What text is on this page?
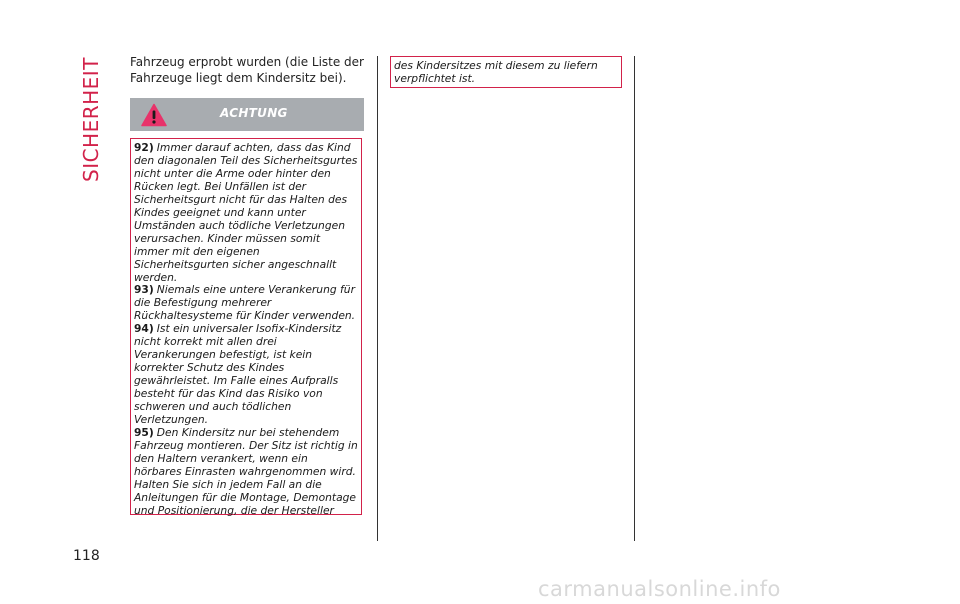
SICHERHEIT
118

Fahrzeug erprobt wurden (die Liste der Fahrzeuge liegt dem Kindersitz bei).

ACHTUNG

92) Immer darauf achten, dass das Kind den diagonalen Teil des Sicherheitsgurtes nicht unter die Arme oder hinter den Rücken legt. Bei Unfällen ist der Sicherheitsgurt nicht für das Halten des Kindes geeignet und kann unter Umständen auch tödliche Verletzungen verursachen. Kinder müssen somit immer mit den eigenen Sicherheitsgurten sicher angeschnallt werden.

93) Niemals eine untere Verankerung für die Befestigung mehrerer Rückhaltesysteme für Kinder verwenden.

94) Ist ein universaler Isofix-Kindersitz nicht korrekt mit allen drei Verankerungen befestigt, ist kein korrekter Schutz des Kindes gewährleistet. Im Falle eines Aufpralls besteht für das Kind das Risiko von schweren und auch tödlichen Verletzungen.

95) Den Kindersitz nur bei stehendem Fahrzeug montieren. Der Sitz ist richtig in den Haltern verankert, wenn ein hörbares Einrasten wahrgenommen wird. Halten Sie sich in jedem Fall an die Anleitungen für die Montage, Demontage und Positionierung, die der Hersteller

des Kindersitzes mit diesem zu liefern verpflichtet ist.

carmanualsonline.info
